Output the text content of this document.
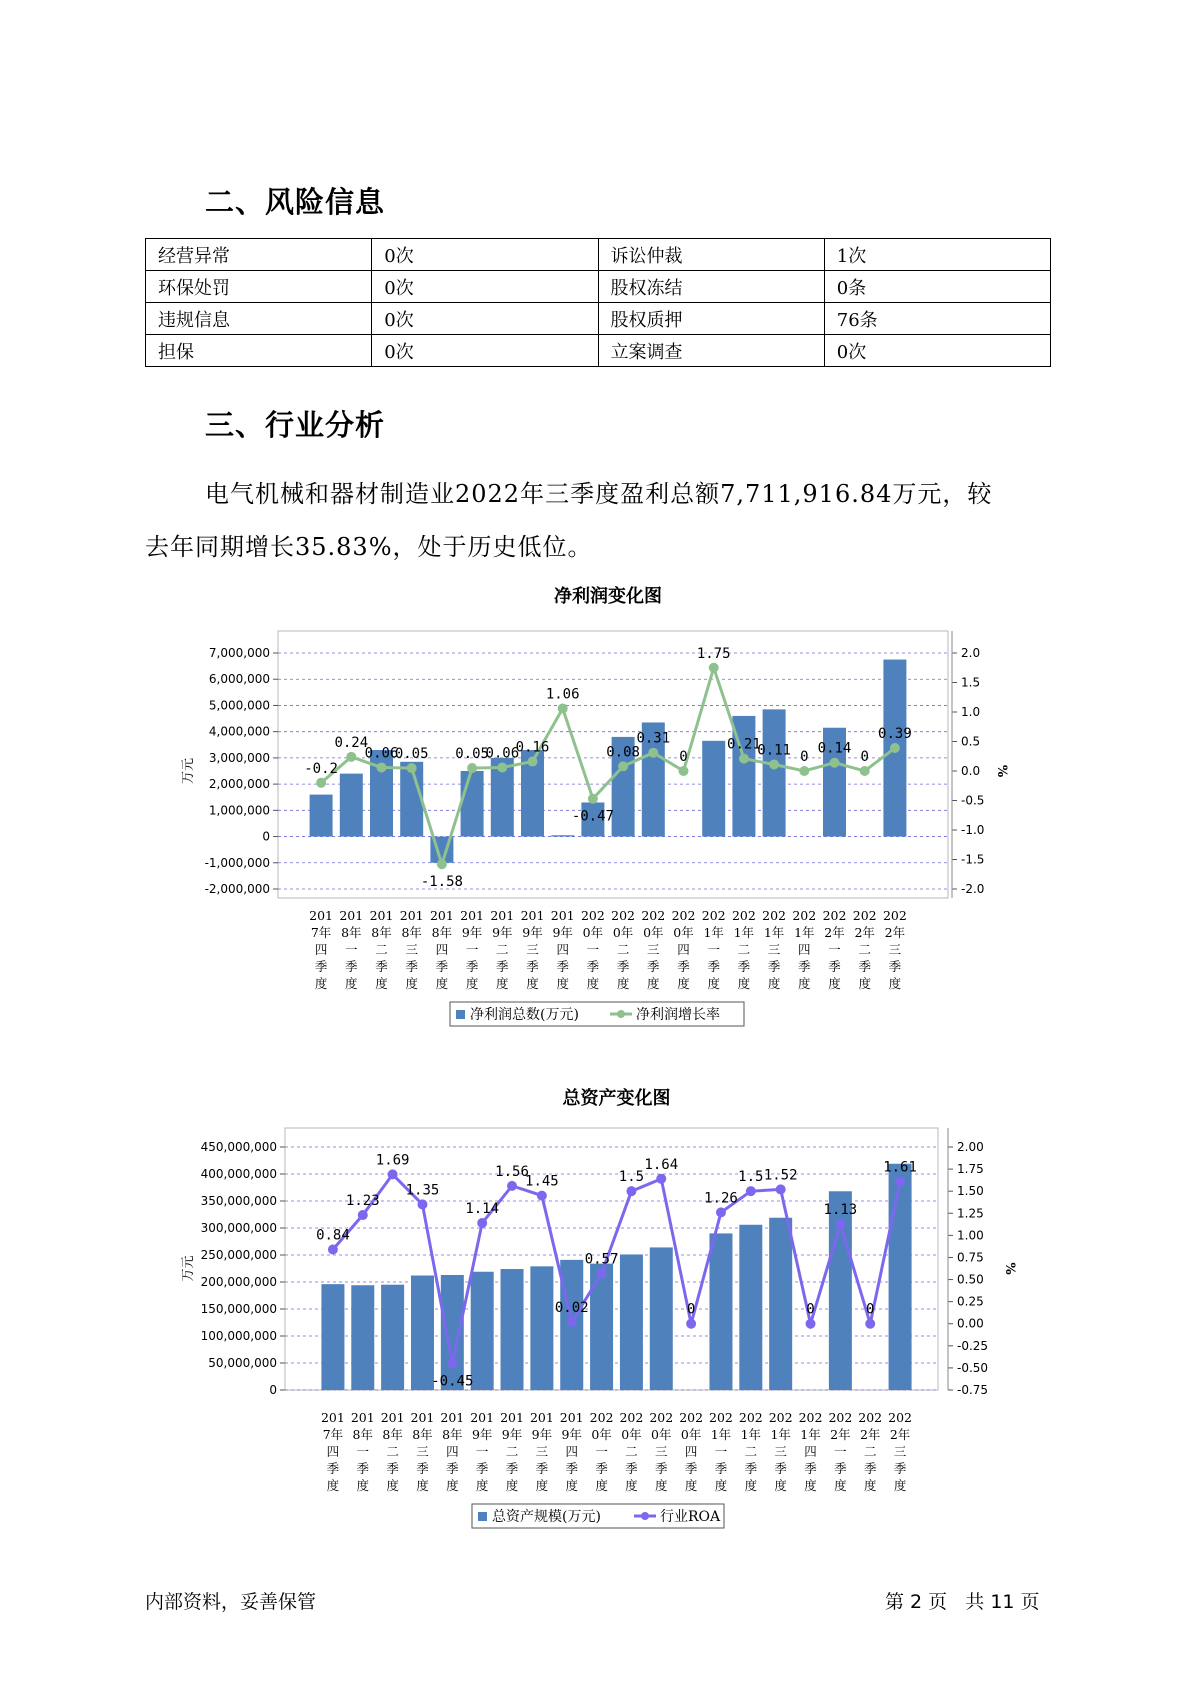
二、风险信息
经营异常	0次	诉讼仲裁	1次
环保处罚	0次	股权冻结	0条
违规信息	0次	股权质押	76条
担保	0次	立案调查	0次
三、行业分析
电气机械和器材制造业2022年三季度盈利总额7,711,916.84万元，较
去年同期增长35.83%，处于历史低位。
净利润变化图
7,000,000
6,000,000
5,000,000
4,000,000
3,000,000
2,000,000
1,000,000
0
-1,000,000
-2,000,000
2.0
1.5
1.0
0.5
0.0
-0.5
-1.0
-1.5
-2.0
万元	%
-0.2
0.24
0.06
0.05
-1.58
0.05
0.06
0.16
1.06
-0.47
0.08
0.31
0
1.75
0.21
0.11 0
0.14
0
0.39
201 7年四季度
201 8年一季度
201 8年二季度
201 8年三季度
201 8年四季度
201 9年一季度
201 9年二季度
201 9年三季度
201 9年四季度
202 0年一季度
202 0年二季度
202 0年三季度
202 0年四季度
202 1年一季度
202 1年二季度
202 1年三季度
202 1年四季度
202 2年一季度
202 2年二季度
202 2年三季度
净利润总数(万元)	净利润增长率
总资产变化图
450,000,000
400,000,000
350,000,000
300,000,000
250,000,000
200,000,000
150,000,000
100,000,000
50,000,000
0
2.00
1.75
1.50
1.25
1.00
0.75
0.50
0.25
0.00
-0.25
-0.50
-0.75
万元	%
0.84
1.23
1.69
1.35
-0.45
1.14
1.56
1.45
0.02
0.57
1.5
1.64
0
1.26
1.5 1.52
0
1.13
0
1.61
201 7年四季度
201 8年一季度
201 8年二季度
201 8年三季度
201 8年四季度
201 9年一季度
201 9年二季度
201 9年三季度
201 9年四季度
202 0年一季度
202 0年二季度
202 0年三季度
202 0年四季度
202 1年一季度
202 1年二季度
202 1年三季度
202 1年四季度
202 2年一季度
202 2年二季度
202 2年三季度
总资产规模(万元)	行业ROA
内部资料，妥善保管	第 2 页   共 11 页
